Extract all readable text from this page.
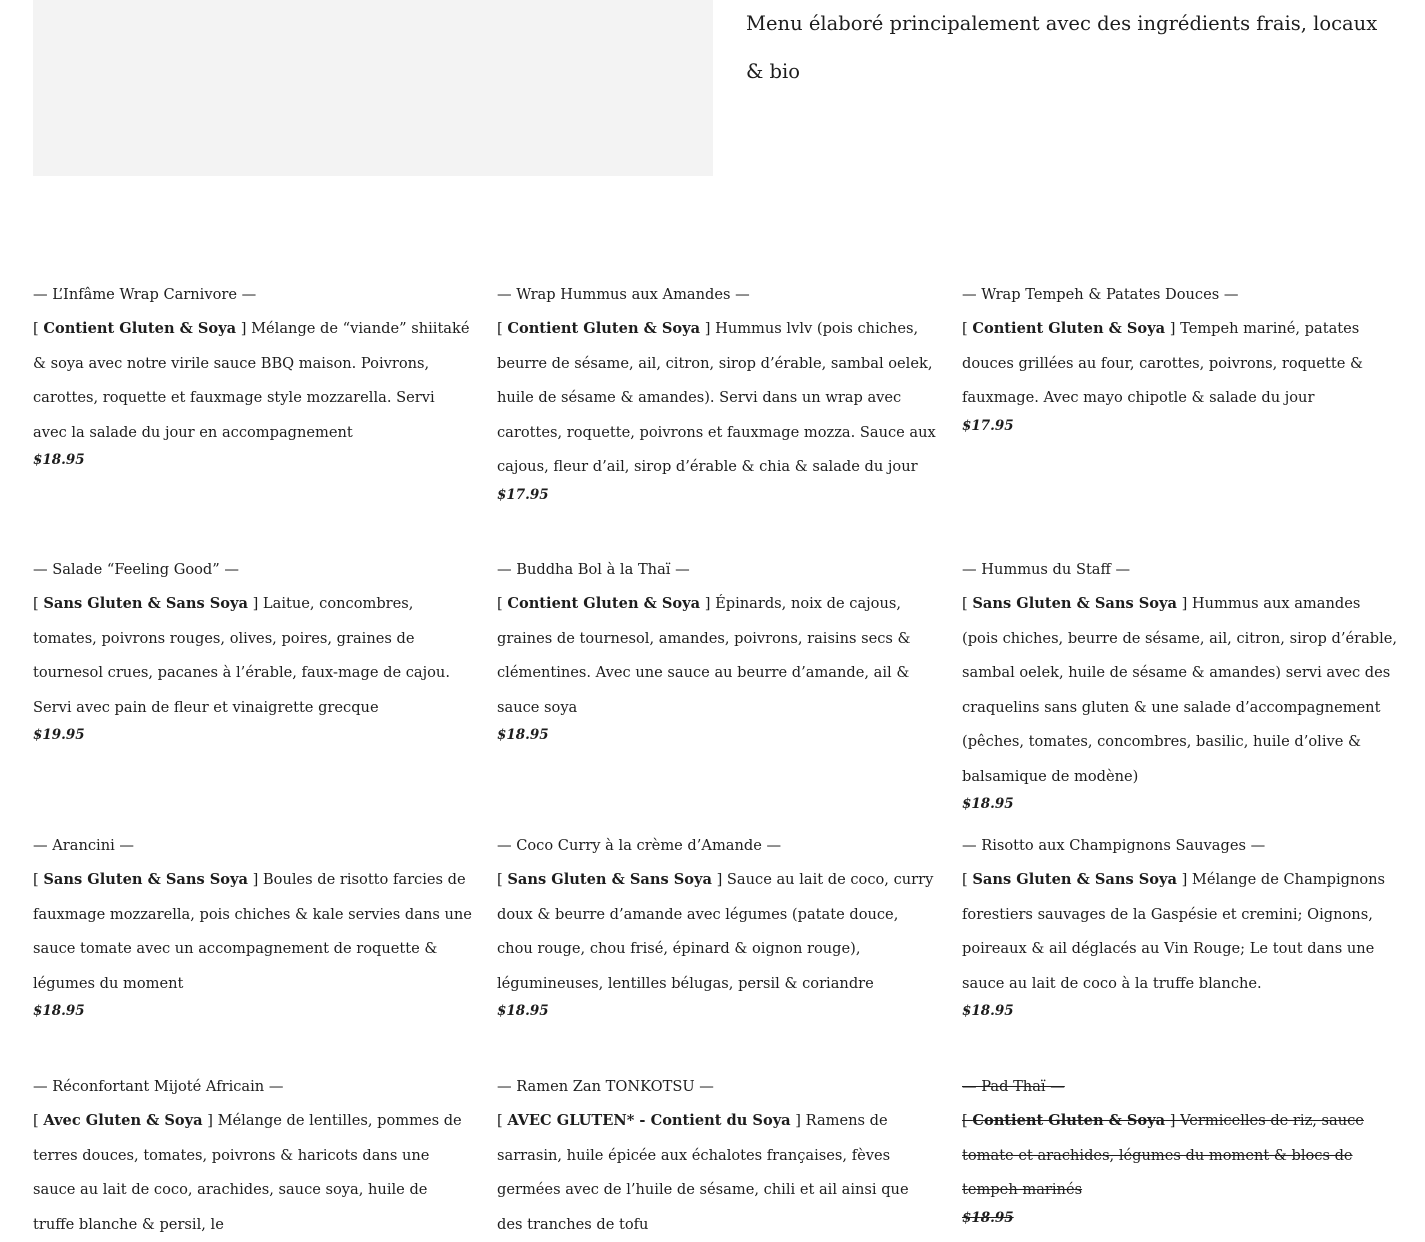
Menu élaboré principalement avec des ingrédients frais, locaux & bio
— L’Infâme Wrap Carnivore —
[ Contient Gluten & Soya ] Mélange de “viande” shiitaké & soya avec notre virile sauce BBQ maison. Poivrons, carottes, roquette et fauxmage style mozzarella. Servi avec la salade du jour en accompagnement
$18.95
— Wrap Hummus aux Amandes —
[ Contient Gluten & Soya ] Hummus lvlv (pois chiches, beurre de sésame, ail, citron, sirop d’érable, sambal oelek, huile de sésame & amandes). Servi dans un wrap avec carottes, roquette, poivrons et fauxmage mozza. Sauce aux cajous, fleur d’ail, sirop d’érable & chia & salade du jour
$17.95
— Wrap Tempeh & Patates Douces —
[ Contient Gluten & Soya ] Tempeh mariné, patates douces grillées au four, carottes, poivrons, roquette & fauxmage. Avec mayo chipotle & salade du jour
$17.95
— Salade “Feeling Good” —
[ Sans Gluten & Sans Soya ] Laitue, concombres, tomates, poivrons rouges, olives, poires, graines de tournesol crues, pacanes à l’érable, faux-mage de cajou. Servi avec pain de fleur et vinaigrette grecque
$19.95
— Buddha Bol à la Thaï —
[ Contient Gluten & Soya ] Épinards, noix de cajous, graines de tournesol, amandes, poivrons, raisins secs & clémentines. Avec une sauce au beurre d’amande, ail & sauce soya
$18.95
— Hummus du Staff —
[ Sans Gluten & Sans Soya ] Hummus aux amandes (pois chiches, beurre de sésame, ail, citron, sirop d’érable, sambal oelek, huile de sésame & amandes) servi avec des craquelins sans gluten & une salade d’accompagnement (pêches, tomates, concombres, basilic, huile d’olive & balsamique de modène)
$18.95
— Arancini —
[ Sans Gluten & Sans Soya ] Boules de risotto farcies de fauxmage mozzarella, pois chiches & kale servies dans une sauce tomate avec un accompagnement de roquette & légumes du moment
$18.95
— Coco Curry à la crème d’Amande —
[ Sans Gluten & Sans Soya ] Sauce au lait de coco, curry doux & beurre d’amande avec légumes (patate douce, chou rouge, chou frisé, épinard & oignon rouge), légumineuses, lentilles bélugas, persil & coriandre
$18.95
— Risotto aux Champignons Sauvages —
[ Sans Gluten & Sans Soya ] Mélange de Champignons forestiers sauvages de la Gaspésie et cremini; Oignons, poireaux & ail déglacés au Vin Rouge; Le tout dans une sauce au lait de coco à la truffe blanche.
$18.95
— Réconfortant Mijoté Africain —
[ Avec Gluten & Soya ] Mélange de lentilles, pommes de terres douces, tomates, poivrons & haricots dans une sauce au lait de coco, arachides, sauce soya, huile de truffe blanche & persil, le
— Ramen Zan TONKOTSU —
[ AVEC GLUTEN* - Contient du Soya ] Ramens de sarrasin, huile épicée aux échalotes françaises, fèves germées avec de l’huile de sésame, chili et ail ainsi que des tranches de tofu
— Pad Thaï —
[ Contient Gluten & Soya ] Vermicelles de riz, sauce tomate et arachides, légumes du moment & blocs de tempeh marinés
$18.95
